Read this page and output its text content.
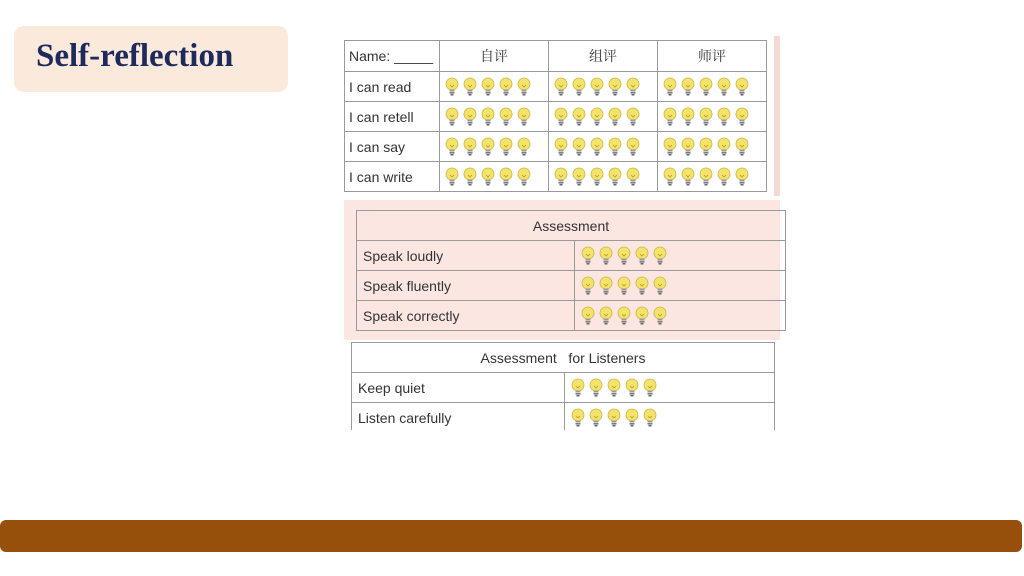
Self-reflection	Name: _____	自评	组评	师评
I can read	

I can retell	

I can say	

I can write	

Assessment	
Speak loudly	

Speak fluently	

Speak correctly	
Assessment   for Listeners	
Keep quiet	

Listen carefully	
